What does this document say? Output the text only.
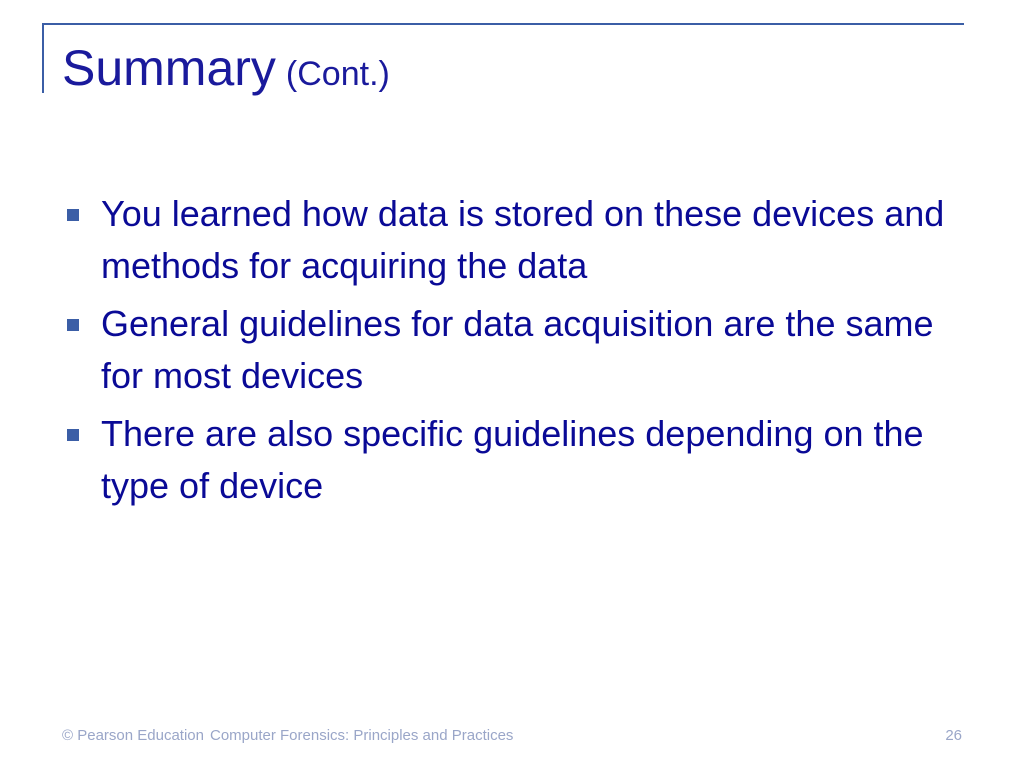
Summary (Cont.)
You learned how data is stored on these devices and methods for acquiring the data
General guidelines for data acquisition are the same for most devices
There are also specific guidelines depending on the type of device
© Pearson Education Computer Forensics: Principles and Practices	26
